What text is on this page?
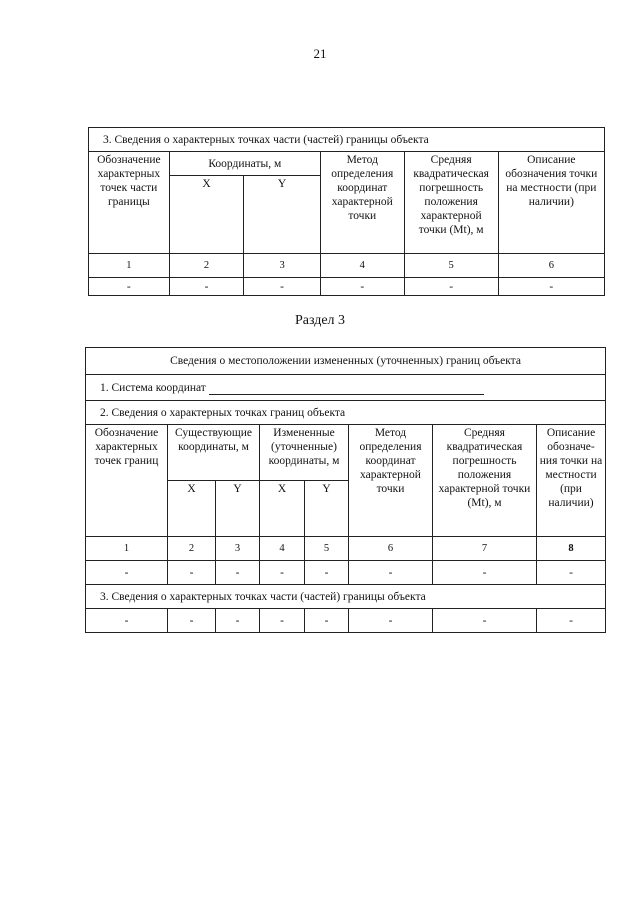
21
3. Сведения о характерных точках части (частей) границы объекта					
Обозначение характерных точек части границы	Координаты, м		Метод определения координат характерной точки	Средняя квадратическая погрешность положения характерной точки (Mt), м	Описание обозначения точки на местности (при наличии)
	X	Y			
1	2	3	4	5	6
-	-	-	-	-	-
Раздел 3
Сведения о местоположении измененных (уточненных) границ объекта							
1. Система координат							
2. Сведения о характерных точках границ объекта							
Обозначение характерных точек границ	Существующие координаты, м		Измененные (уточненные) координаты, м		Метод определения координат характерной точки	Средняя квадратическая погрешность положения характерной точки (Mt), м	Описание обозначе-ния точки на местности (при наличии)
	X	Y	X	Y			
1	2	3	4	5	6	7	8
-	-	-	-	-	-	-	-
3. Сведения о характерных точках части (частей) границы объекта							
-	-	-	-	-	-	-	-
